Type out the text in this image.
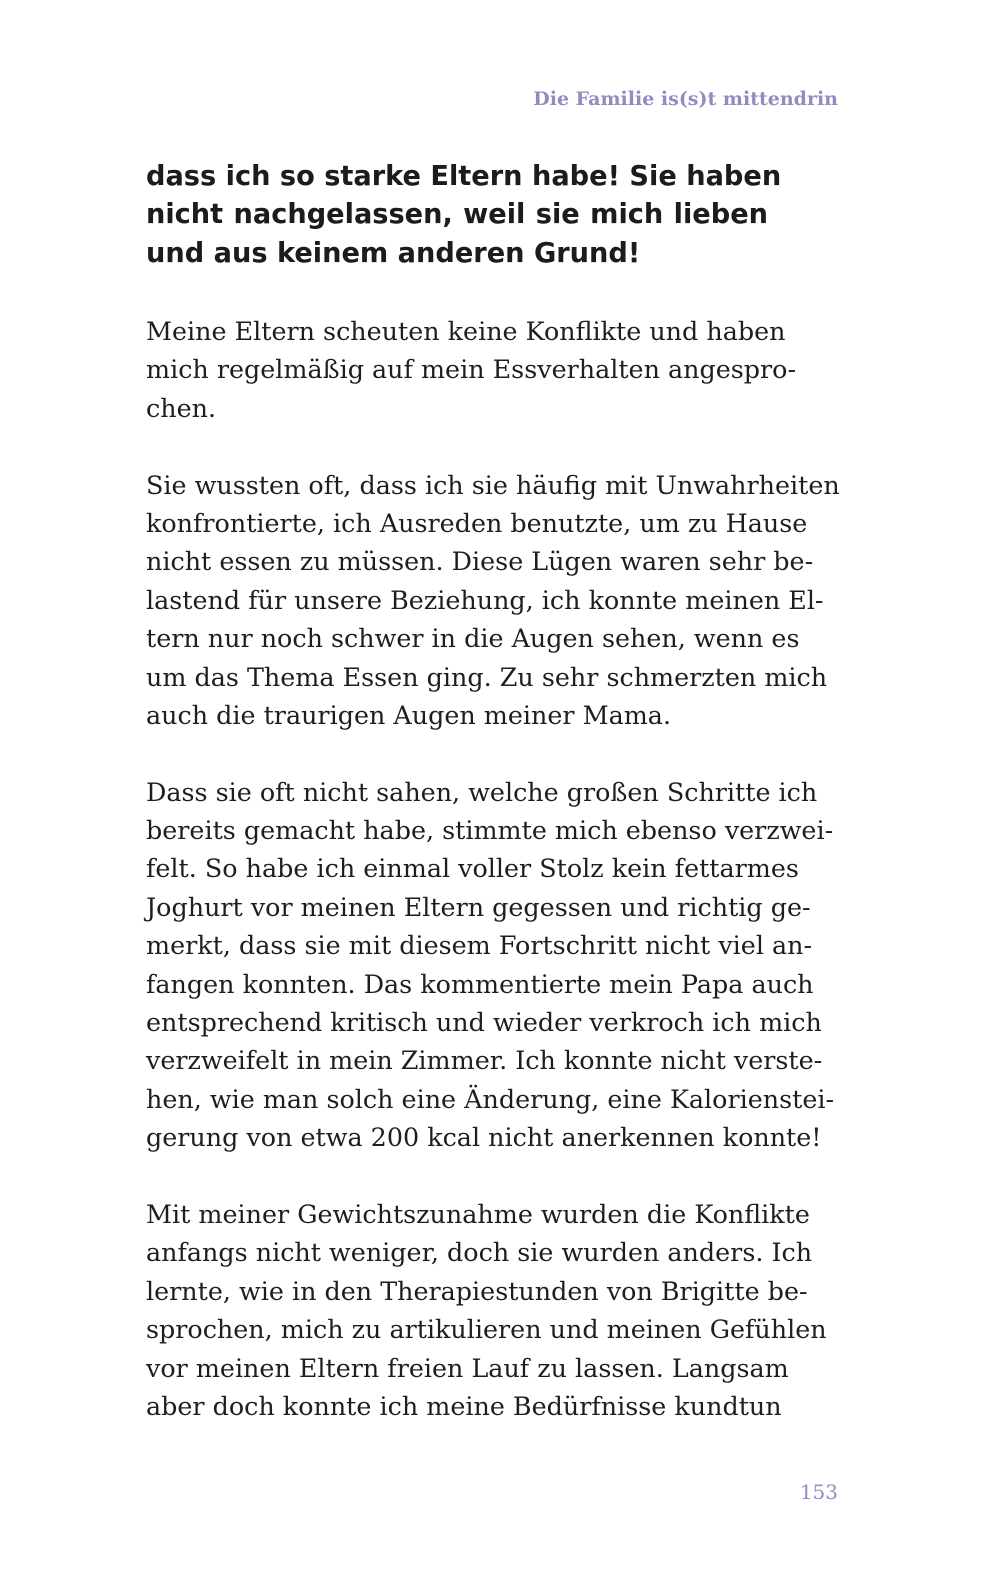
Die Familie is(s)t mittendrin
dass ich so starke Eltern habe! Sie haben
nicht nachgelassen, weil sie mich lieben
und aus keinem anderen Grund!
Meine Eltern scheuten keine Konflikte und haben
mich regelmäßig auf mein Essverhalten angespro-
chen.
Sie wussten oft, dass ich sie häufig mit Unwahrheiten
konfrontierte, ich Ausreden benutzte, um zu Hause
nicht essen zu müssen. Diese Lügen waren sehr be-
lastend für unsere Beziehung, ich konnte meinen El-
tern nur noch schwer in die Augen sehen, wenn es
um das Thema Essen ging. Zu sehr schmerzten mich
auch die traurigen Augen meiner Mama.
Dass sie oft nicht sahen, welche großen Schritte ich
bereits gemacht habe, stimmte mich ebenso verzwei-
felt. So habe ich einmal voller Stolz kein fettarmes
Joghurt vor meinen Eltern gegessen und richtig ge-
merkt, dass sie mit diesem Fortschritt nicht viel an-
fangen konnten. Das kommentierte mein Papa auch
entsprechend kritisch und wieder verkroch ich mich
verzweifelt in mein Zimmer. Ich konnte nicht verste-
hen, wie man solch eine Änderung, eine Kalorienstei-
gerung von etwa 200 kcal nicht anerkennen konnte!
Mit meiner Gewichtszunahme wurden die Konflikte
anfangs nicht weniger, doch sie wurden anders. Ich
lernte, wie in den Therapiestunden von Brigitte be-
sprochen, mich zu artikulieren und meinen Gefühlen
vor meinen Eltern freien Lauf zu lassen. Langsam
aber doch konnte ich meine Bedürfnisse kundtun
153
